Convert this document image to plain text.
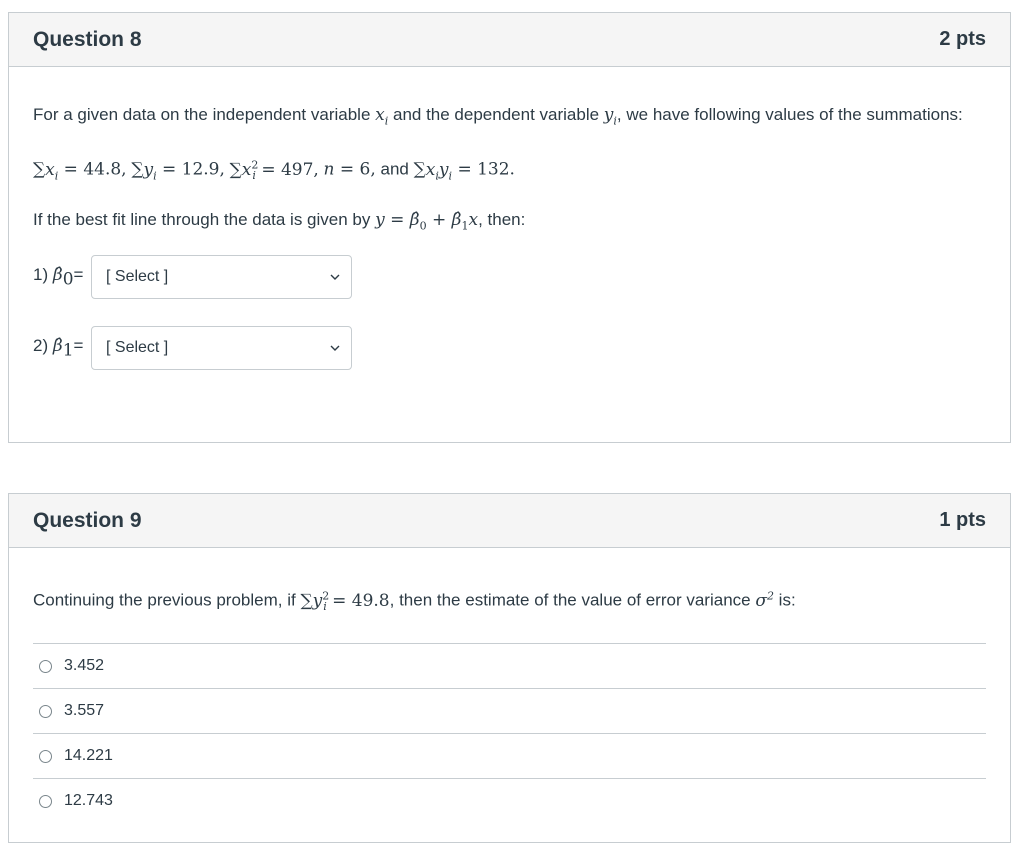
Question 8	2 pts

For a given data on the independent variable $x_i$ and the dependent variable $y_i$, we have following values of the summations:

$\sum x_i = 44.8$, $\sum y_i = 12.9$, $\sum x^2_i = 497$, n = 6, and $\sum x_iy_i = 132$.

If the best fit line through the data is given by $y = \betâ_0$ + $\betâ_1x$, then:

1) $\betâ_0=$	[ Select ]
2) $\betâ_1=$	[ Select ]
Question 9	1 pts

Continuing the previous problem, if $\sum y^2_i = 49.8$, then the estimate of the value of error variance $\sigma^2$ is:

3.452
3.557
14.221
12.743
